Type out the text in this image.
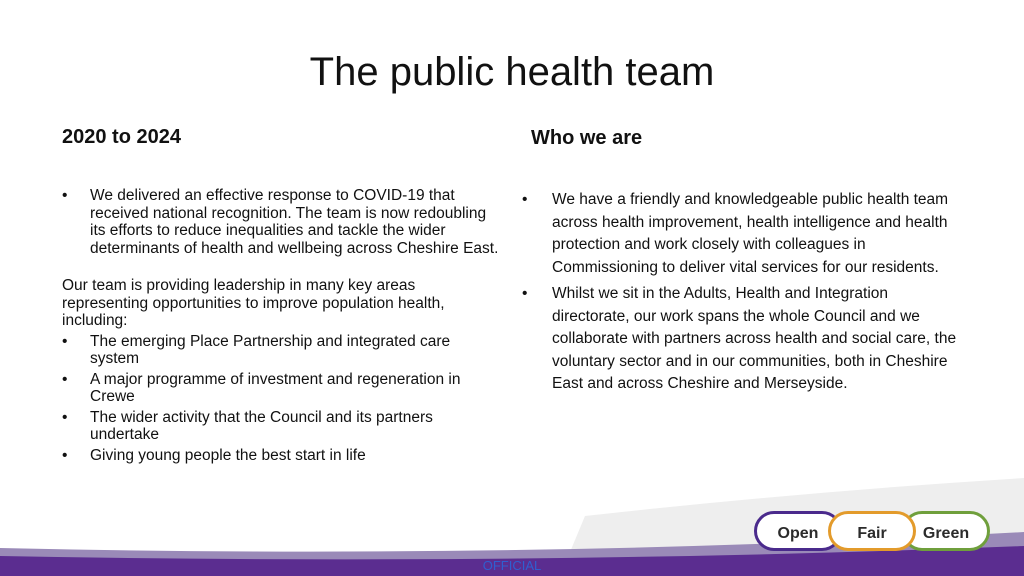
The public health team
2020 to 2024	Who we are
• We delivered an effective response to COVID-19 that received national recognition. The team is now redoubling its efforts to reduce inequalities and tackle the wider determinants of health and wellbeing across Cheshire East.

Our team is providing leadership in many key areas representing opportunities to improve population health, including:

• The emerging Place Partnership and integrated care system
• A major programme of investment and regeneration in Crewe
• The wider activity that the Council and its partners undertake
• Giving young people the best start in life
• We have a friendly and knowledgeable public health team across health improvement, health intelligence and health protection and work closely with colleagues in Commissioning to deliver vital services for our residents.
• Whilst we sit in the Adults, Health and Integration directorate, our work spans the whole Council and we collaborate with partners across health and social care, the voluntary sector and in our communities, both in Cheshire East and across Cheshire and Merseyside.
Open	Green
Fair
OFFICIAL
